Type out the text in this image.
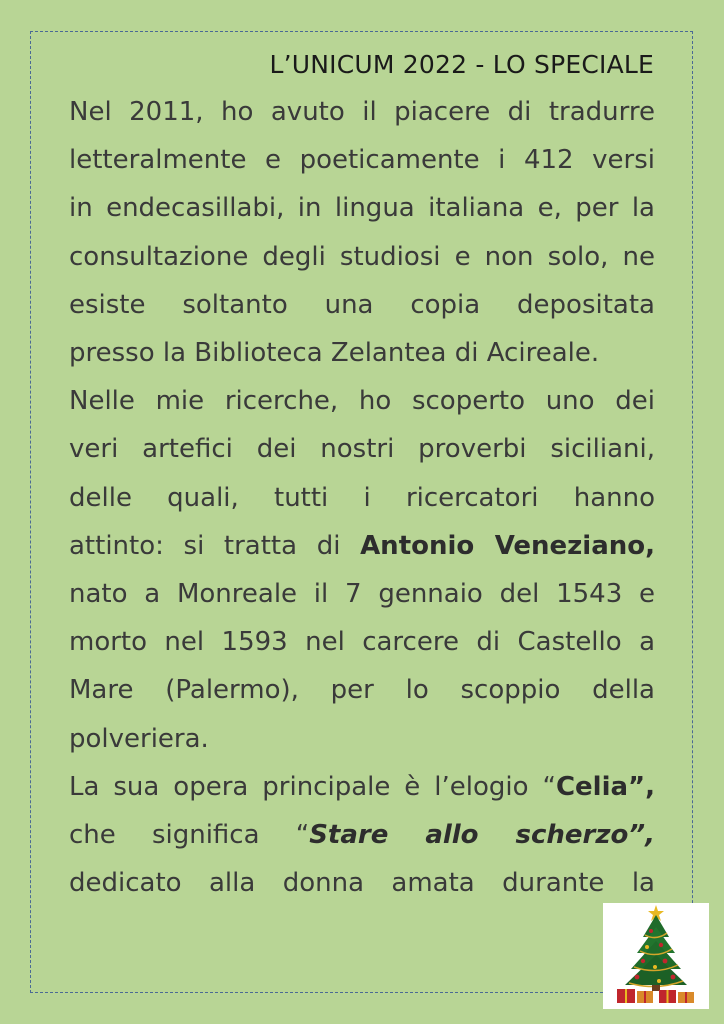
L’UNICUM 2022 - LO SPECIALE

Nel 2011, ho avuto il piacere di tradurre
letteralmente e poeticamente i 412 versi
in endecasillabi, in lingua italiana e, per la
consultazione degli studiosi e non solo, ne
esiste soltanto una copia depositata
presso la Biblioteca Zelantea di Acireale.

Nelle mie ricerche, ho scoperto uno dei
veri artefici dei nostri proverbi siciliani,
delle quali, tutti i ricercatori hanno
attinto: si tratta di Antonio Veneziano,
nato a Monreale il 7 gennaio del 1543 e
morto nel 1593 nel carcere di Castello a
Mare (Palermo), per lo scoppio della
polveriera.

La sua opera principale è l’elogio “Celia”,
che significa “Stare allo scherzo”,
dedicato alla donna amata durante la
